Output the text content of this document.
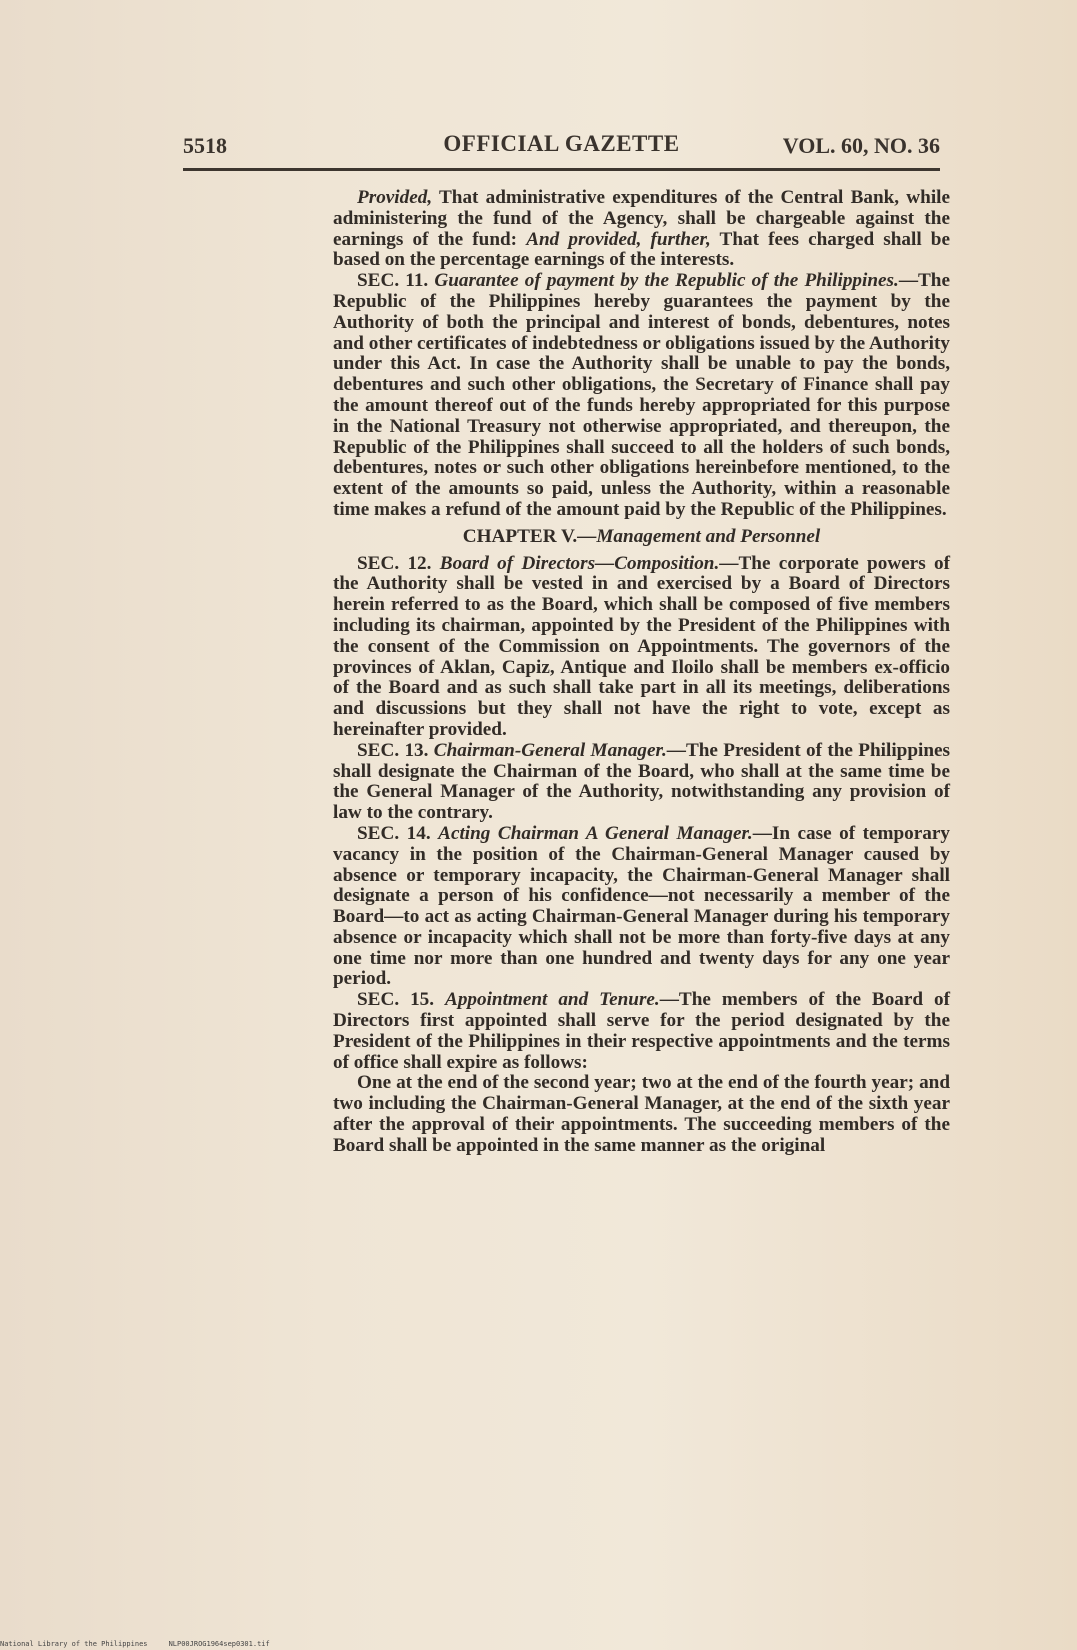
5518	OFFICIAL GAZETTE	VOL. 60, NO. 36

Provided, That administrative expenditures of the Central Bank, while administering the fund of the Agency, shall be chargeable against the earnings of the fund: And provided, further, That fees charged shall be based on the percentage earnings of the interests.

SEC. 11. Guarantee of payment by the Republic of the Philippines.—The Republic of the Philippines hereby guarantees the payment by the Authority of both the principal and interest of bonds, debentures, notes and other certificates of indebtedness or obligations issued by the Authority under this Act. In case the Authority shall be unable to pay the bonds, debentures and such other obligations, the Secretary of Finance shall pay the amount thereof out of the funds hereby appropriated for this purpose in the National Treasury not otherwise appropriated, and thereupon, the Republic of the Philippines shall succeed to all the holders of such bonds, debentures, notes or such other obligations hereinbefore mentioned, to the extent of the amounts so paid, unless the Authority, within a reasonable time makes a refund of the amount paid by the Republic of the Philippines.

CHAPTER V.—Management and Personnel

SEC. 12. Board of Directors—Composition.—The corporate powers of the Authority shall be vested in and exercised by a Board of Directors herein referred to as the Board, which shall be composed of five members including its chairman, appointed by the President of the Philippines with the consent of the Commission on Appointments. The governors of the provinces of Aklan, Capiz, Antique and Iloilo shall be members ex-officio of the Board and as such shall take part in all its meetings, deliberations and discussions but they shall not have the right to vote, except as hereinafter provided.

SEC. 13. Chairman-General Manager.—The President of the Philippines shall designate the Chairman of the Board, who shall at the same time be the General Manager of the Authority, notwithstanding any provision of law to the contrary.

SEC. 14. Acting Chairman A General Manager.—In case of temporary vacancy in the position of the Chairman-General Manager caused by absence or temporary incapacity, the Chairman-General Manager shall designate a person of his confidence—not necessarily a member of the Board—to act as acting Chairman-General Manager during his temporary absence or incapacity which shall not be more than forty-five days at any one time nor more than one hundred and twenty days for any one year period.

SEC. 15. Appointment and Tenure.—The members of the Board of Directors first appointed shall serve for the period designated by the President of the Philippines in their respective appointments and the terms of office shall expire as follows:

One at the end of the second year; two at the end of the fourth year; and two including the Chairman-General Manager, at the end of the sixth year after the approval of their appointments. The succeeding members of the Board shall be appointed in the same manner as the original

National Library of the Philippines     NLP00JROG1964sep0301.tif
